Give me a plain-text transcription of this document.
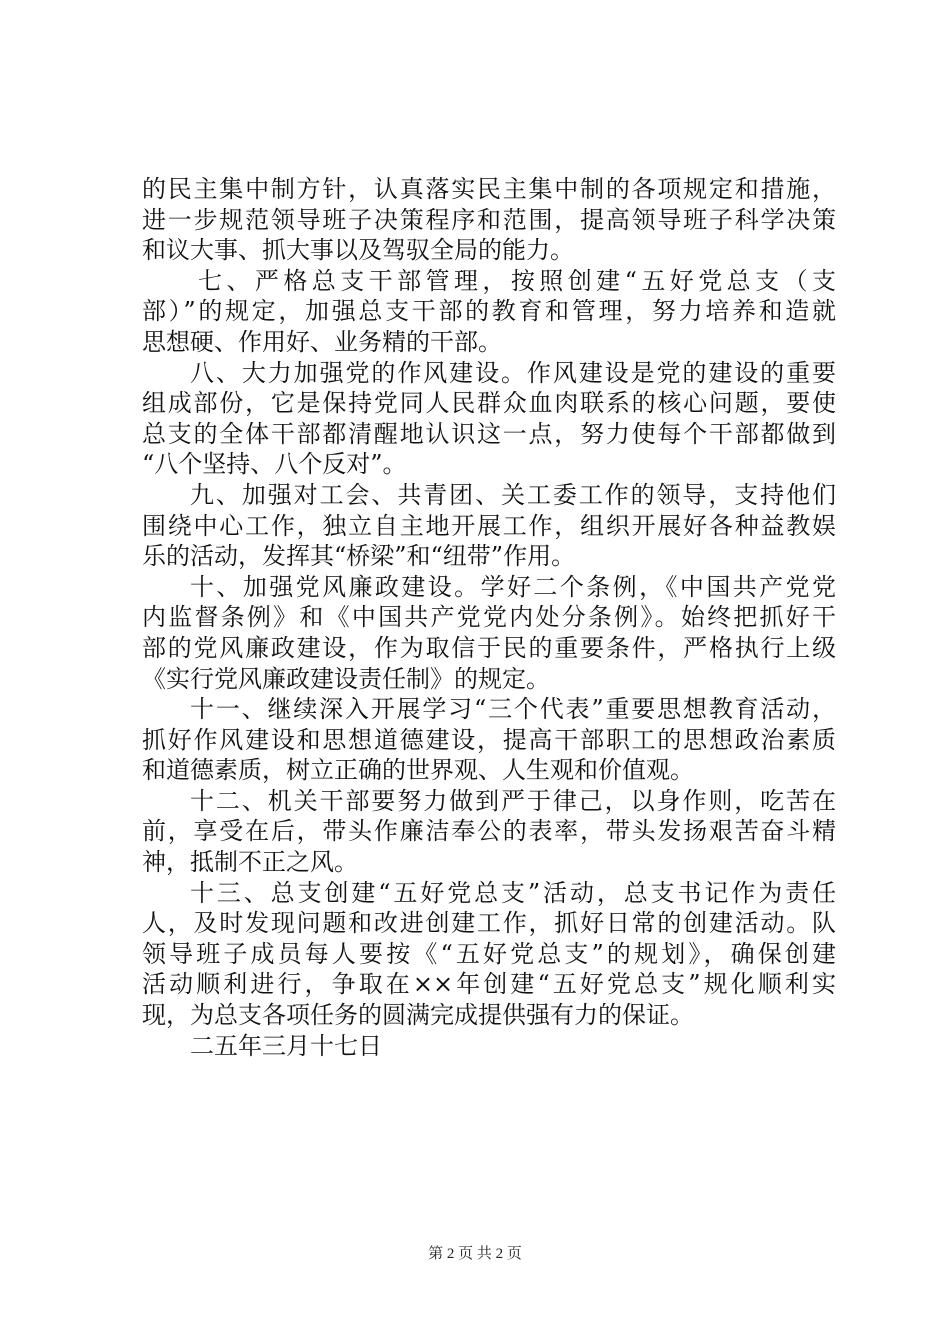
的民主集中制方针，认真落实民主集中制的各项规定和措施，
进一步规范领导班子决策程序和范围，提高领导班子科学决策
和议大事、抓大事以及驾驭全局的能力。
七、严格总支干部管理，按照创建“五好党总支（支
部）”的规定，加强总支干部的教育和管理，努力培养和造就
思想硬、作用好、业务精的干部。
八、大力加强党的作风建设。作风建设是党的建设的重要
组成部份，它是保持党同人民群众血肉联系的核心问题，要使
总支的全体干部都清醒地认识这一点，努力使每个干部都做到
“八个坚持、八个反对”。
九、加强对工会、共青团、关工委工作的领导，支持他们
围绕中心工作，独立自主地开展工作，组织开展好各种益教娱
乐的活动，发挥其“桥梁”和“纽带”作用。
十、加强党风廉政建设。学好二个条例，《中国共产党党
内监督条例》和《中国共产党党内处分条例》。始终把抓好干
部的党风廉政建设，作为取信于民的重要条件，严格执行上级
《实行党风廉政建设责任制》的规定。
十一、继续深入开展学习“三个代表”重要思想教育活动，
抓好作风建设和思想道德建设，提高干部职工的思想政治素质
和道德素质，树立正确的世界观、人生观和价值观。
十二、机关干部要努力做到严于律己，以身作则，吃苦在
前，享受在后，带头作廉洁奉公的表率，带头发扬艰苦奋斗精
神，抵制不正之风。
十三、总支创建“五好党总支”活动，总支书记作为责任
人，及时发现问题和改进创建工作，抓好日常的创建活动。队
领导班子成员每人要按《“五好党总支”的规划》，确保创建
活动顺利进行，争取在××年创建“五好党总支”规化顺利实
现，为总支各项任务的圆满完成提供强有力的保证。
二五年三月十七日
第 2 页 共 2 页
